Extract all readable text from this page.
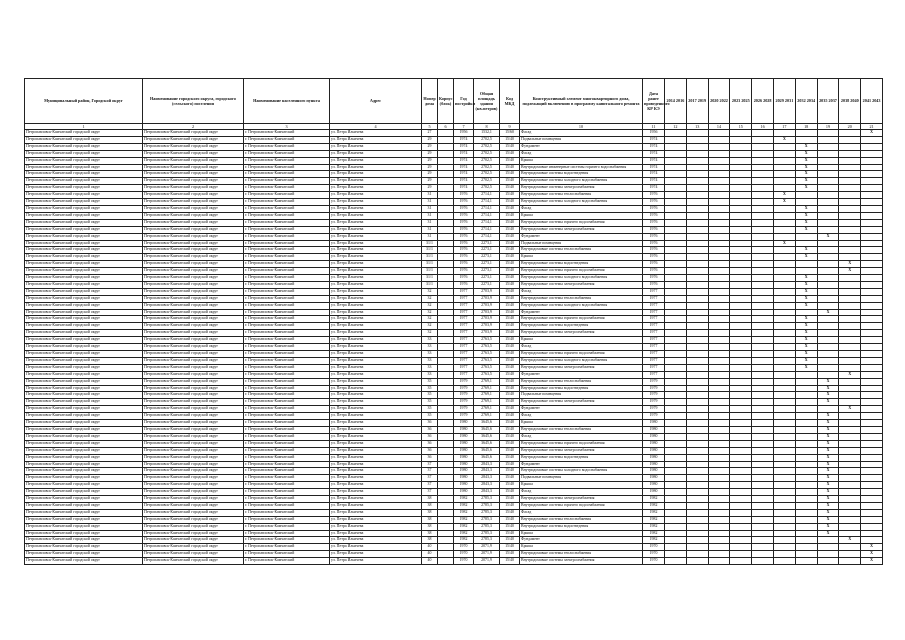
Муниципальный район, Городской округ	Наименование городского округа, городского (сельского) поселения	Наименование населенного пункта	Адрес	Номер дома	Корпус (блок)	Год постройки	Общая площадь здания (кв.метров)	Код МКД	Конструктивный элемент многоквартирного дома, подлежащий включению в программу капитального ремонта	Дата ранее проведенного КР КЭ	2014 2016	2017 2019	2020 2022	2023 2025	2026 2028	2029 2031	2032 2034	2035 2037	2038 2040	2041 2043
1	2	3	4	5	6	7	8	9	10	11	12	13	14	15	16	17	18	19	20	21
Петропавловск-Камчатский городской округ	Петропавловск-Камчатский городской округ	г. Петропавловск-Камчатский	ул. Петра Ильичева	27		1956	1532,1	15/60	Фасад	1956										X
Петропавловск-Камчатский городской округ	Петропавловск-Камчатский городской округ	г. Петропавловск-Камчатский	ул. Петра Ильичева	29		1974	2702,5	15/40	Подвальные помещения	1974						X				
Петропавловск-Камчатский городской округ	Петропавловск-Камчатский городской округ	г. Петропавловск-Камчатский	ул. Петра Ильичева	29		1974	2702,5	15/40	Фундамент	1974							X			
Петропавловск-Камчатский городской округ	Петропавловск-Камчатский городской округ	г. Петропавловск-Камчатский	ул. Петра Ильичева	29		1974	2702,5	15/40	Фасад	1974							X			
Петропавловск-Камчатский городской округ	Петропавловск-Камчатский городской округ	г. Петропавловск-Камчатский	ул. Петра Ильичева	29		1974	2702,5	15/40	Крыша	1974							X			
Петропавловск-Камчатский городской округ	Петропавловск-Камчатский городской округ	г. Петропавловск-Камчатский	ул. Петра Ильичева	29		1974	2702,5	15/40	Внутридомовые инженерные системы горячего водоснабжения	1974							X			
Петропавловск-Камчатский городской округ	Петропавловск-Камчатский городской округ	г. Петропавловск-Камчатский	ул. Петра Ильичева	29		1974	2702,5	15/40	Внутридомовые системы водоотведения	1974							X			
Петропавловск-Камчатский городской округ	Петропавловск-Камчатский городской округ	г. Петропавловск-Камчатский	ул. Петра Ильичева	29		1974	2702,5	15/40	Внутридомовые системы холодного водоснабжения	1974							X			
Петропавловск-Камчатский городской округ	Петропавловск-Камчатский городской округ	г. Петропавловск-Камчатский	ул. Петра Ильичева	29		1974	2702,5	15/40	Внутридомовые системы электроснабжения	1974							X			
Петропавловск-Камчатский городской округ	Петропавловск-Камчатский городской округ	г. Петропавловск-Камчатский	ул. Петра Ильичева	31		1976	2714,1	15/40	Внутридомовые системы теплоснабжения	1976						X				
Петропавловск-Камчатский городской округ	Петропавловск-Камчатский городской округ	г. Петропавловск-Камчатский	ул. Петра Ильичева	31		1976	2714,1	15/40	Внутридомовые системы холодного водоснабжения	1976						X				
Петропавловск-Камчатский городской округ	Петропавловск-Камчатский городской округ	г. Петропавловск-Камчатский	ул. Петра Ильичева	31		1976	2714,1	15/40	Фасад	1976							X			
Петропавловск-Камчатский городской округ	Петропавловск-Камчатский городской округ	г. Петропавловск-Камчатский	ул. Петра Ильичева	31		1976	2714,1	15/40	Крыша	1976							X			
Петропавловск-Камчатский городской округ	Петропавловск-Камчатский городской округ	г. Петропавловск-Камчатский	ул. Петра Ильичева	31		1976	2714,1	15/40	Внутридомовые системы горячего водоснабжения	1976							X			
Петропавловск-Камчатский городской округ	Петропавловск-Камчатский городской округ	г. Петропавловск-Камчатский	ул. Петра Ильичева	31		1976	2714,1	15/40	Внутридомовые системы электроснабжения	1976							X			
Петропавловск-Камчатский городской округ	Петропавловск-Камчатский городской округ	г. Петропавловск-Камчатский	ул. Петра Ильичева	31		1976	2714,1	15/40	Фундамент	1976								X		
Петропавловск-Камчатский городской округ	Петропавловск-Камчатский городской округ	г. Петропавловск-Камчатский	ул. Петра Ильичева	31/1		1976	2273,1	15/40	Подвальные помещения	1976						X				
Петропавловск-Камчатский городской округ	Петропавловск-Камчатский городской округ	г. Петропавловск-Камчатский	ул. Петра Ильичева	31/1		1976	2273,1	15/40	Внутридомовые системы теплоснабжения	1976							X			
Петропавловск-Камчатский городской округ	Петропавловск-Камчатский городской округ	г. Петропавловск-Камчатский	ул. Петра Ильичева	31/1		1976	2273,1	15/40	Крыша	1976							X			
Петропавловск-Камчатский городской округ	Петропавловск-Камчатский городской округ	г. Петропавловск-Камчатский	ул. Петра Ильичева	31/1		1976	2273,1	15/40	Внутридомовые системы водоотведения	1976									X	
Петропавловск-Камчатский городской округ	Петропавловск-Камчатский городской округ	г. Петропавловск-Камчатский	ул. Петра Ильичева	31/1		1976	2273,1	15/40	Внутридомовые системы горячего водоснабжения	1976									X	
Петропавловск-Камчатский городской округ	Петропавловск-Камчатский городской округ	г. Петропавловск-Камчатский	ул. Петра Ильичева	31/1		1976	2273,1	15/40	Внутридомовые системы холодного водоснабжения	1976							X			
Петропавловск-Камчатский городской округ	Петропавловск-Камчатский городской округ	г. Петропавловск-Камчатский	ул. Петра Ильичева	31/1		1976	2273,1	15/40	Внутридомовые системы электроснабжения	1976							X			
Петропавловск-Камчатский городской округ	Петропавловск-Камчатский городской округ	г. Петропавловск-Камчатский	ул. Петра Ильичева	32		1977	2703,9	15/40	Фасад	1977							X			
Петропавловск-Камчатский городской округ	Петропавловск-Камчатский городской округ	г. Петропавловск-Камчатский	ул. Петра Ильичева	32		1977	2703,9	15/40	Внутридомовые системы теплоснабжения	1977							X			
Петропавловск-Камчатский городской округ	Петропавловск-Камчатский городской округ	г. Петропавловск-Камчатский	ул. Петра Ильичева	32		1977	2703,9	15/40	Внутридомовые системы холодного водоснабжения	1977							X			
Петропавловск-Камчатский городской округ	Петропавловск-Камчатский городской округ	г. Петропавловск-Камчатский	ул. Петра Ильичева	32		1977	2703,9	15/40	Фундамент	1977								X		
Петропавловск-Камчатский городской округ	Петропавловск-Камчатский городской округ	г. Петропавловск-Камчатский	ул. Петра Ильичева	32		1977	2703,9	15/40	Внутридомовые системы горячего водоснабжения	1977							X			
Петропавловск-Камчатский городской округ	Петропавловск-Камчатский городской округ	г. Петропавловск-Камчатский	ул. Петра Ильичева	32		1977	2703,9	15/40	Внутридомовые системы водоотведения	1977							X			
Петропавловск-Камчатский городской округ	Петропавловск-Камчатский городской округ	г. Петропавловск-Камчатский	ул. Петра Ильичева	32		1977	2703,9	15/40	Внутридомовые системы электроснабжения	1977							X			
Петропавловск-Камчатский городской округ	Петропавловск-Камчатский городской округ	г. Петропавловск-Камчатский	ул. Петра Ильичева	33		1977	2763,5	15/40	Крыша	1977							X			
Петропавловск-Камчатский городской округ	Петропавловск-Камчатский городской округ	г. Петропавловск-Камчатский	ул. Петра Ильичева	33		1977	2763,5	15/40	Фасад	1977							X			
Петропавловск-Камчатский городской округ	Петропавловск-Камчатский городской округ	г. Петропавловск-Камчатский	ул. Петра Ильичева	33		1977	2763,5	15/40	Внутридомовые системы горячего водоснабжения	1977							X			
Петропавловск-Камчатский городской округ	Петропавловск-Камчатский городской округ	г. Петропавловск-Камчатский	ул. Петра Ильичева	33		1977	2763,5	15/40	Внутридомовые системы холодного водоснабжения	1977							X			
Петропавловск-Камчатский городской округ	Петропавловск-Камчатский городской округ	г. Петропавловск-Камчатский	ул. Петра Ильичева	33		1977	2763,5	15/40	Внутридомовые системы электроснабжения	1977							X			
Петропавловск-Камчатский городской округ	Петропавловск-Камчатский городской округ	г. Петропавловск-Камчатский	ул. Петра Ильичева	33		1977	2763,5	15/40	Фундамент	1977									X	
Петропавловск-Камчатский городской округ	Петропавловск-Камчатский городской округ	г. Петропавловск-Камчатский	ул. Петра Ильичева	35		1979	2769,1	15/40	Внутридомовые системы теплоснабжения	1979								X		
Петропавловск-Камчатский городской округ	Петропавловск-Камчатский городской округ	г. Петропавловск-Камчатский	ул. Петра Ильичева	35		1979	2769,1	15/40	Внутридомовые системы водоотведения	1979								X		
Петропавловск-Камчатский городской округ	Петропавловск-Камчатский городской округ	г. Петропавловск-Камчатский	ул. Петра Ильичева	35		1979	2769,1	15/40	Подвальные помещения	1979								X		
Петропавловск-Камчатский городской округ	Петропавловск-Камчатский городской округ	г. Петропавловск-Камчатский	ул. Петра Ильичева	35		1979	2769,1	15/40	Внутридомовые системы электроснабжения	1979								X		
Петропавловск-Камчатский городской округ	Петропавловск-Камчатский городской округ	г. Петропавловск-Камчатский	ул. Петра Ильичева	35		1979	2769,1	15/40	Фундамент	1979									X	
Петропавловск-Камчатский городской округ	Петропавловск-Камчатский городской округ	г. Петропавловск-Камчатский	ул. Петра Ильичева	35		1979	2769,1	15/40	Фасад	1979								X		
Петропавловск-Камчатский городской округ	Петропавловск-Камчатский городской округ	г. Петропавловск-Камчатский	ул. Петра Ильичева	36		1980	3645,6	15/40	Крыша	1980								X		
Петропавловск-Камчатский городской округ	Петропавловск-Камчатский городской округ	г. Петропавловск-Камчатский	ул. Петра Ильичева	36		1980	3645,6	15/40	Внутридомовые системы теплоснабжения	1980								X		
Петропавловск-Камчатский городской округ	Петропавловск-Камчатский городской округ	г. Петропавловск-Камчатский	ул. Петра Ильичева	36		1980	3645,6	15/40	Фасад	1980								X		
Петропавловск-Камчатский городской округ	Петропавловск-Камчатский городской округ	г. Петропавловск-Камчатский	ул. Петра Ильичева	36		1980	3645,6	15/40	Внутридомовые системы горячего водоснабжения	1980								X		
Петропавловск-Камчатский городской округ	Петропавловск-Камчатский городской округ	г. Петропавловск-Камчатский	ул. Петра Ильичева	36		1980	3645,6	15/40	Внутридомовые системы электроснабжения	1980								X		
Петропавловск-Камчатский городской округ	Петропавловск-Камчатский городской округ	г. Петропавловск-Камчатский	ул. Петра Ильичева	36		1980	3645,6	15/40	Внутридомовые системы водоотведения	1980								X		
Петропавловск-Камчатский городской округ	Петропавловск-Камчатский городской округ	г. Петропавловск-Камчатский	ул. Петра Ильичева	37		1980	2843,3	15/40	Фундамент	1980								X		
Петропавловск-Камчатский городской округ	Петропавловск-Камчатский городской округ	г. Петропавловск-Камчатский	ул. Петра Ильичева	37		1980	2843,3	15/40	Внутридомовые системы холодного водоснабжения	1980								X		
Петропавловск-Камчатский городской округ	Петропавловск-Камчатский городской округ	г. Петропавловск-Камчатский	ул. Петра Ильичева	37		1980	2843,3	15/40	Подвальные помещения	1980								X		
Петропавловск-Камчатский городской округ	Петропавловск-Камчатский городской округ	г. Петропавловск-Камчатский	ул. Петра Ильичева	37		1980	2843,3	15/40	Крыша	1980								X		
Петропавловск-Камчатский городской округ	Петропавловск-Камчатский городской округ	г. Петропавловск-Камчатский	ул. Петра Ильичева	37		1980	2843,3	15/40	Фасад	1980								X		
Петропавловск-Камчатский городской округ	Петропавловск-Камчатский городской округ	г. Петропавловск-Камчатский	ул. Петра Ильичева	38		1982	2785,3	15/40	Внутридомовые системы электроснабжения	1982								X		
Петропавловск-Камчатский городской округ	Петропавловск-Камчатский городской округ	г. Петропавловск-Камчатский	ул. Петра Ильичева	38		1982	2785,3	15/40	Внутридомовые системы горячего водоснабжения	1982								X		
Петропавловск-Камчатский городской округ	Петропавловск-Камчатский городской округ	г. Петропавловск-Камчатский	ул. Петра Ильичева	38		1982	2785,3	15/40	Фасад	1982								X		
Петропавловск-Камчатский городской округ	Петропавловск-Камчатский городской округ	г. Петропавловск-Камчатский	ул. Петра Ильичева	38		1982	2785,3	15/40	Внутридомовые системы теплоснабжения	1982								X		
Петропавловск-Камчатский городской округ	Петропавловск-Камчатский городской округ	г. Петропавловск-Камчатский	ул. Петра Ильичева	38		1982	2785,3	15/40	Внутридомовые системы водоотведения	1982								X		
Петропавловск-Камчатский городской округ	Петропавловск-Камчатский городской округ	г. Петропавловск-Камчатский	ул. Петра Ильичева	38		1982	2785,3	15/40	Крыша	1982								X		
Петропавловск-Камчатский городской округ	Петропавловск-Камчатский городской округ	г. Петропавловск-Камчатский	ул. Петра Ильичева	38		1982	2785,3	15/40	Фундамент	1982									X	
Петропавловск-Камчатский городской округ	Петропавловск-Камчатский городской округ	г. Петропавловск-Камчатский	ул. Петра Ильичева	40		1970	2071,9	15/40	Крыша	1970										X
Петропавловск-Камчатский городской округ	Петропавловск-Камчатский городской округ	г. Петропавловск-Камчатский	ул. Петра Ильичева	40		1970	2071,9	15/40	Внутридомовые системы теплоснабжения	1970										X
Петропавловск-Камчатский городской округ	Петропавловск-Камчатский городской округ	г. Петропавловск-Камчатский	ул. Петра Ильичева	40		1970	2071,9	15/40	Внутридомовые системы электроснабжения	1970										X
